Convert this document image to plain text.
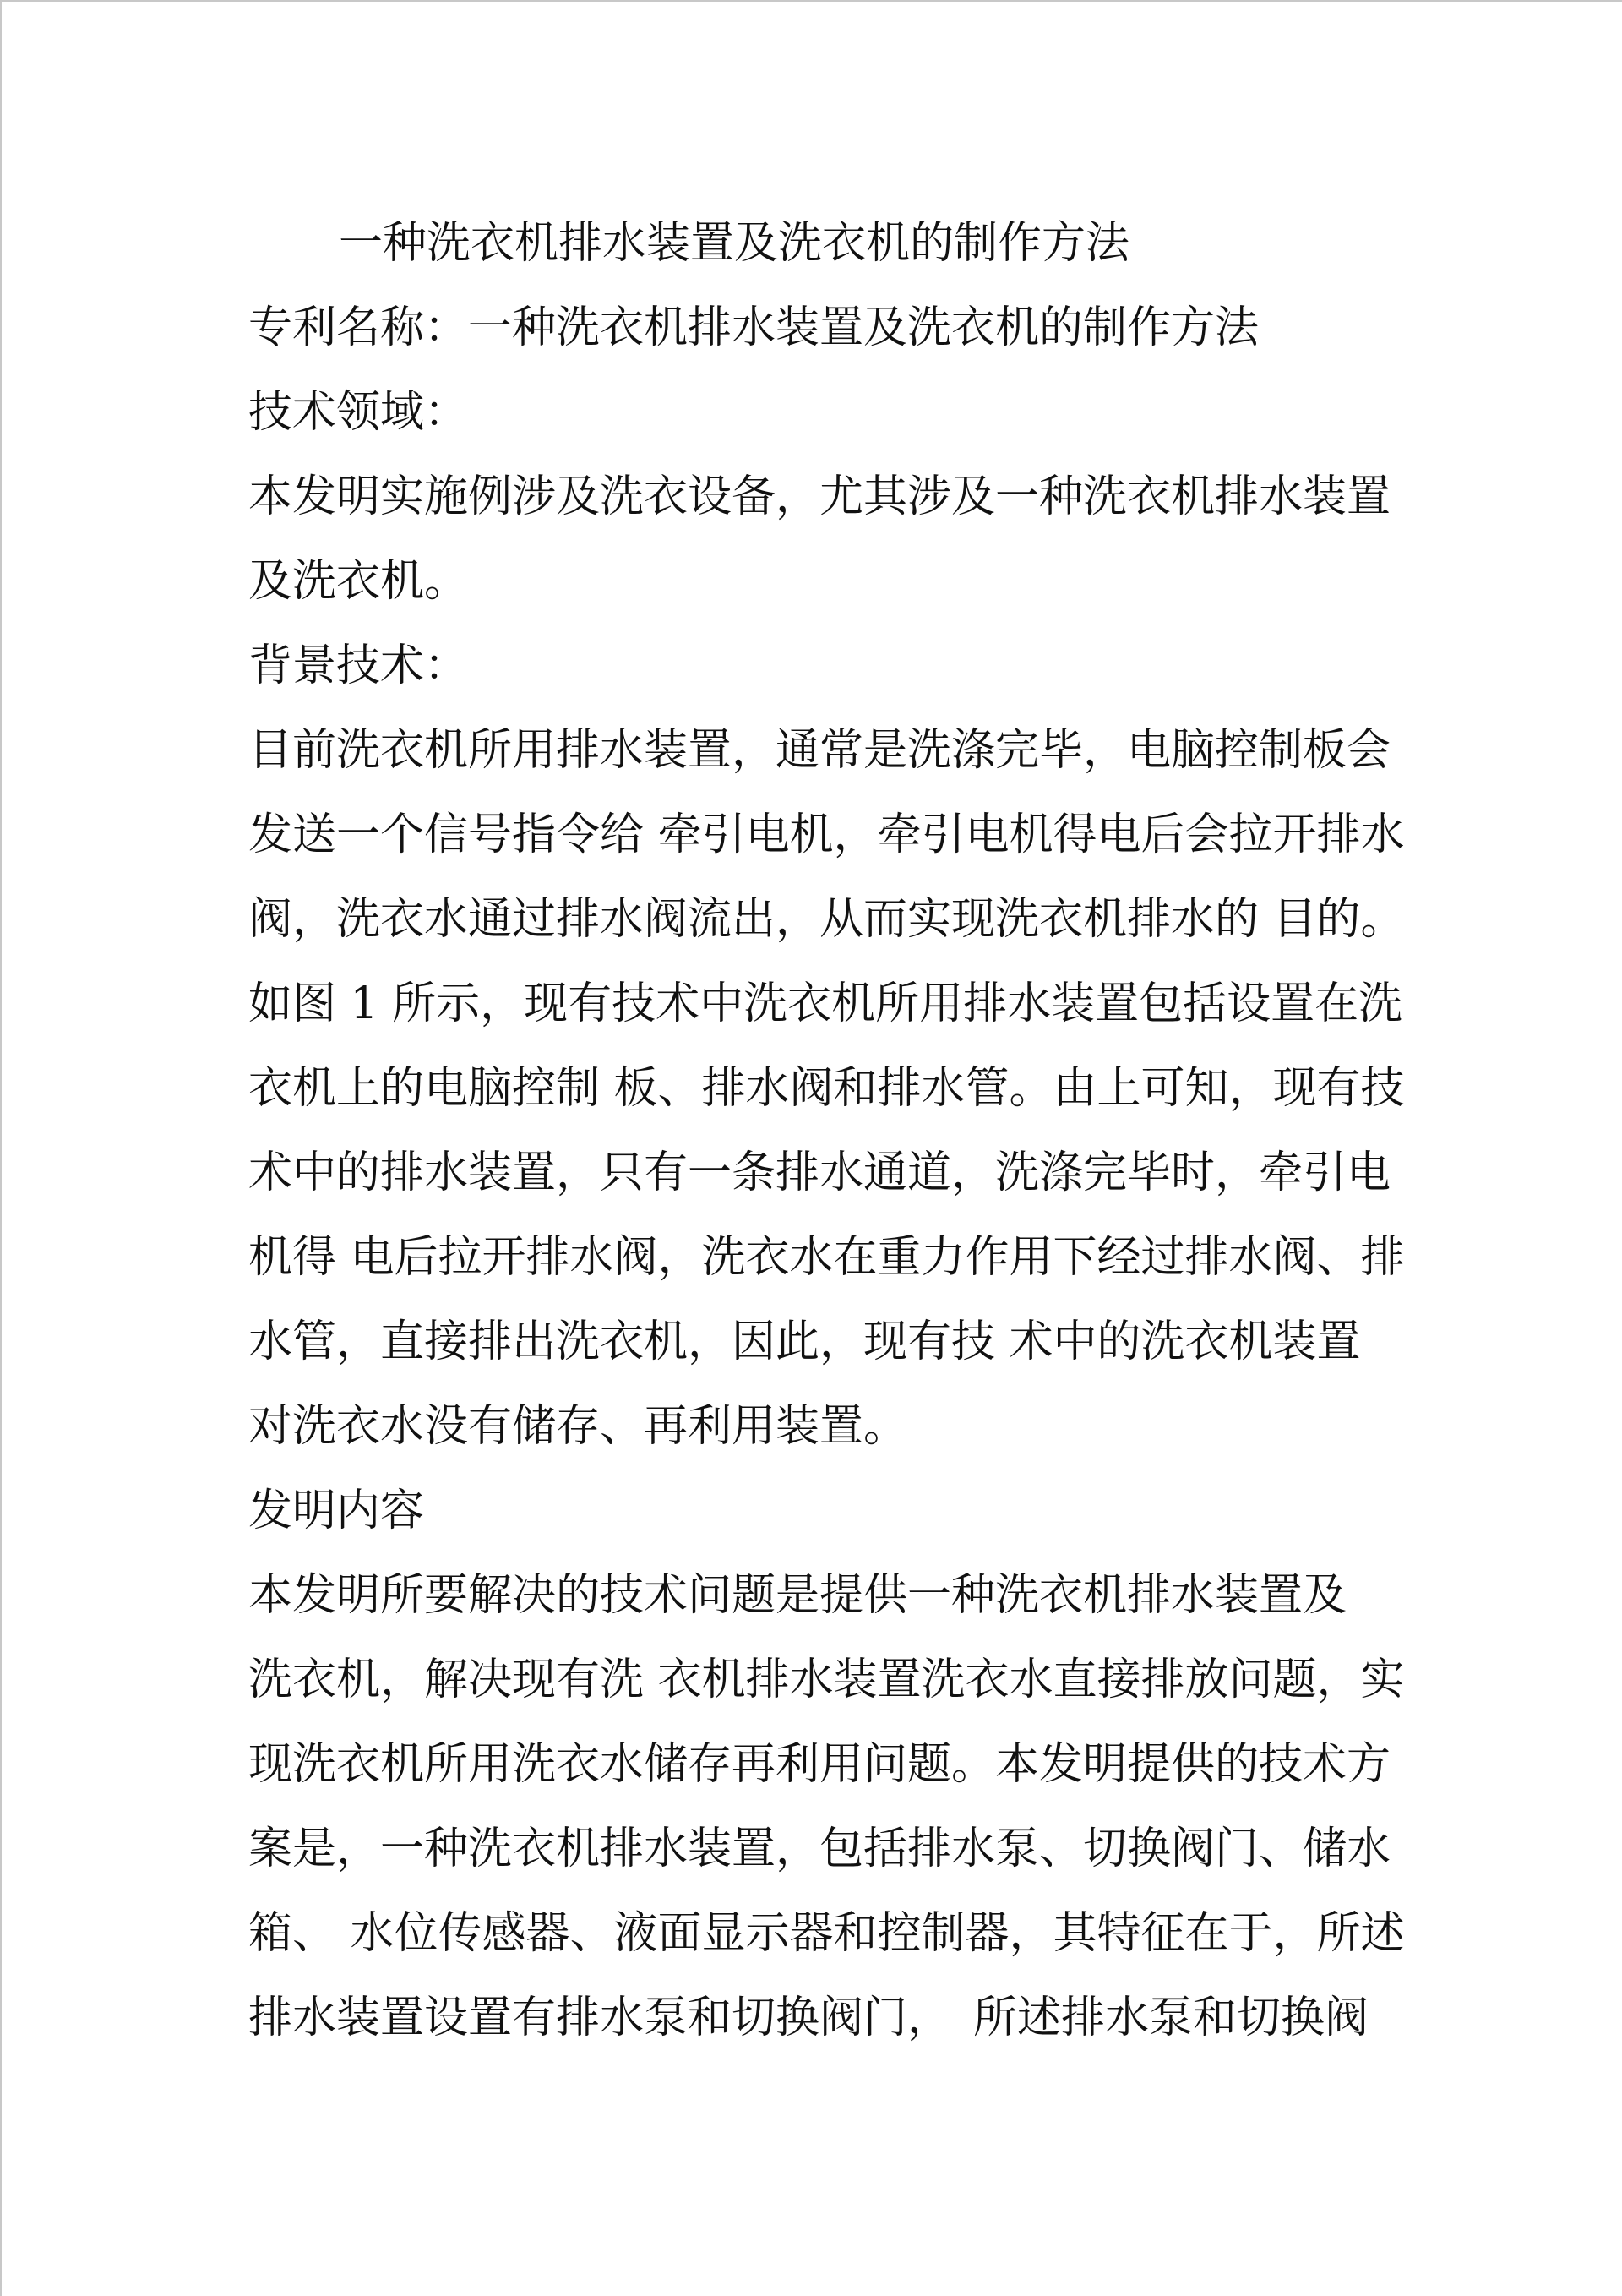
一种洗衣机排水装置及洗衣机的制作方法
专利名称：一种洗衣机排水装置及洗衣机的制作方法
技术领域：
本发明实施例涉及洗衣设备，尤其涉及一种洗衣机排水装置
及洗衣机。
背景技术：
目前洗衣机所用排水装置，通常是洗涤完毕，电脑控制板会
发送一个信号指令给 牵引电机，牵引电机得电后会拉开排水
阀，洗衣水通过排水阀流出，从而实现洗衣机排水的 目的。
如图 1 所示，现有技术中洗衣机所用排水装置包括设置在洗
衣机上的电脑控制 板、排水阀和排水管。由上可知，现有技
术中的排水装置，只有一条排水通道，洗涤完毕时，牵引电
机得 电后拉开排水阀，洗衣水在重力作用下经过排水阀、排
水管，直接排出洗衣机，因此，现有技 术中的洗衣机装置
对洗衣水没有储存、再利用装置。
发明内容
本发明所要解决的技术问题是提供一种洗衣机排水装置及
洗衣机，解决现有洗 衣机排水装置洗衣水直接排放问题，实
现洗衣机所用洗衣水储存再利用问题。本发明提供的技术方
案是，一种洗衣机排水装置，包括排水泵、切换阀门、储水
箱、 水位传感器、液面显示器和控制器，其特征在于，所述
排水装置设置有排水泵和切换阀门，　所述排水泵和切换阀
